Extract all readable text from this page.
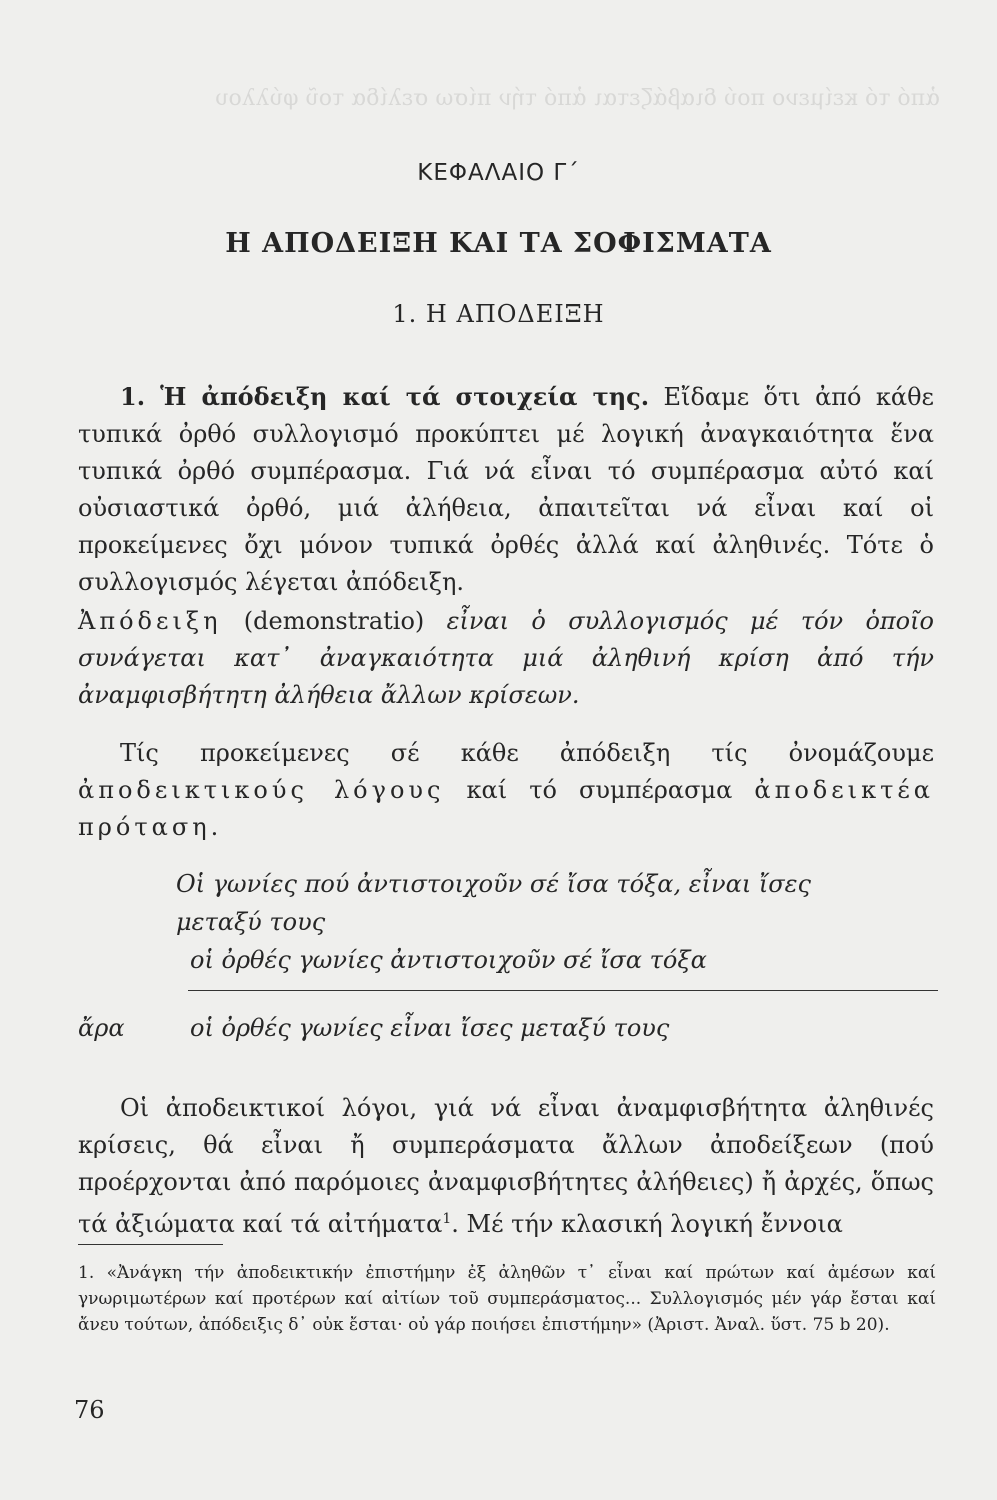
ἀπό τό κείμενο πού διαβάζεται ἀπό τήν πίσω σελίδα τοῦ φύλλου
ΚΕΦΑΛΑΙΟ Γ΄
Η ΑΠΟΔΕΙΞΗ ΚΑΙ ΤΑ ΣΟΦΙΣΜΑΤΑ
1. Η ΑΠΟΔΕΙΞΗ
1. Ἡ ἀπόδειξη καί τά στοιχεία της. Εἴδαμε ὅτι ἀπό κάθε τυπικά ὀρθό συλλογισμό προκύπτει μέ λογική ἀναγκαιότητα ἕνα τυπικά ὀρθό συμπέρασμα. Γιά νά εἶναι τό συμπέρασμα αὐτό καί οὐσιαστικά ὀρθό, μιά ἀλήθεια, ἀπαιτεῖται νά εἶναι καί οἱ προκείμενες ὄχι μόνον τυπικά ὀρθές ἀλλά καί ἀληθινές. Τότε ὁ συλλογισμός λέγεται ἀπόδειξη.
Ἀπόδειξη (demonstratio) εἶναι ὁ συλλογισμός μέ τόν ὁποῖο συνάγεται κατ᾿ ἀναγκαιότητα μιά ἀληθινή κρίση ἀπό τήν ἀναμφισβήτητη ἀλήθεια ἄλλων κρίσεων.
Τίς προκείμενες σέ κάθε ἀπόδειξη τίς ὀνομάζουμε ἀποδεικτικούς λόγους καί τό συμπέρασμα ἀποδεικτέα πρόταση.
Οἱ γωνίες πού ἀντιστοιχοῦν σέ ἴσα τόξα, εἶναι ἴσες
μεταξύ τους
οἱ ὀρθές γωνίες ἀντιστοιχοῦν σέ ἴσα τόξα
ἄρα	οἱ ὀρθές γωνίες εἶναι ἴσες μεταξύ τους
Οἱ ἀποδεικτικοί λόγοι, γιά νά εἶναι ἀναμφισβήτητα ἀληθινές κρίσεις, θά εἶναι ἤ συμπεράσματα ἄλλων ἀποδείξεων (πού προέρχονται ἀπό παρόμοιες ἀναμφισβήτητες ἀλήθειες) ἤ ἀρχές, ὅπως τά ἀξιώματα καί τά αἰτήματα$^1$. Μέ τήν κλασική λογική ἔννοια
1. «Ἀνάγκη τήν ἀποδεικτικήν ἐπιστήμην ἐξ ἀληθῶν τ᾿ εἶναι καί πρώτων καί ἀμέσων καί γνωριμωτέρων καί προτέρων καί αἰτίων τοῦ συμπεράσματος... Συλλογισμός μέν γάρ ἔσται καί ἄνευ τούτων, ἀπόδειξις δ᾿ οὐκ ἔσται· οὐ γάρ ποιήσει ἐπιστήμην» (Ἀριστ. Ἀναλ. ὕστ. 75 b 20).
76
